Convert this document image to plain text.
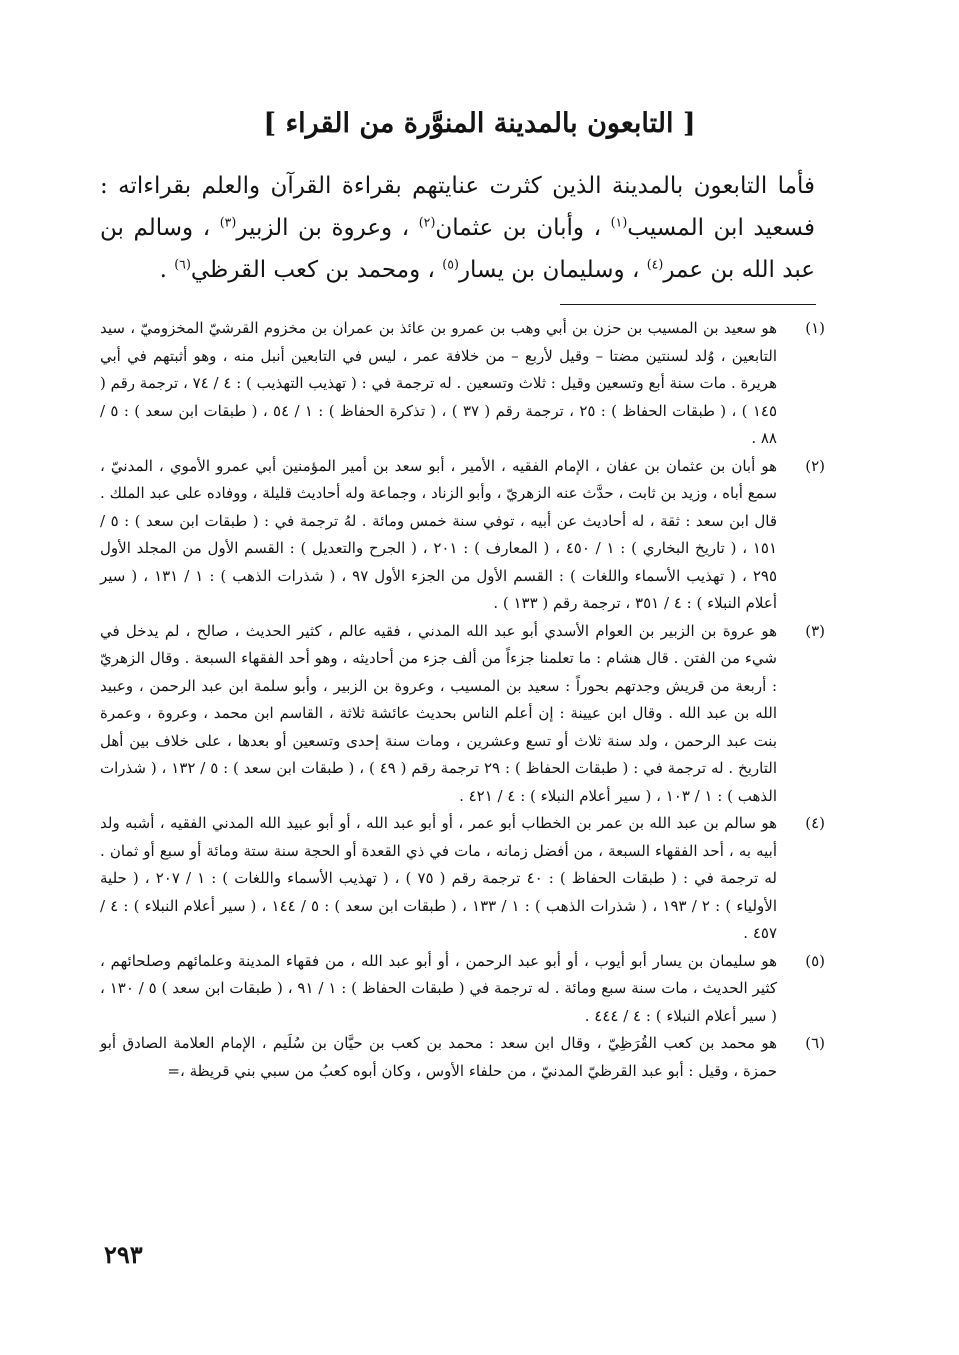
[ التابعون بالمدينة المنوَّرة من القراء ]

فأما التابعون بالمدينة الذين كثرت عنايتهم بقراءة القرآن والعلم بقراءاته : فسعيد ابن المسيب$^{(١)}$ ، وأبان بن عثمان$^{(٢)}$ ، وعروة بن الزبير$^{(٣)}$ ، وسالم بن عبد الله بن عمر$^{(٤)}$ ، وسليمان بن يسار$^{(٥)}$ ، ومحمد بن كعب القرظي$^{(٦)}$ .

(١)
هو سعيد بن المسيب بن حزن بن أبي وهب بن عمرو بن عائذ بن عمران بن مخزوم القرشيّ المخزوميّ ، سيد التابعين ، وُلد لسنتين مضتا – وقيل لأربع – من خلافة عمر ، ليس في التابعين أنبل منه ، وهو أثبتهم في أبي هريرة . مات سنة أبع وتسعين وقيل : ثلاث وتسعين . له ترجمة في : ( تهذيب التهذيب ) : ٤ / ٧٤ ، ترجمة رقم ( ١٤٥ ) ، ( طبقات الحفاظ ) : ٢٥ ، ترجمة رقم ( ٣٧ ) ، ( تذكرة الحفاظ ) : ١ / ٥٤ ، ( طبقات ابن سعد ) : ٥ / ٨٨ .
(٢)
هو أبان بن عثمان بن عفان ، الإمام الفقيه ، الأمير ، أبو سعد بن أمير المؤمنين أبي عمرو الأموي ، المدنيّ ، سمع أباه ، وزيد بن ثابت ، حدَّث عنه الزهريّ ، وأبو الزناد ، وجماعة وله أحاديث قليلة ، ووفاده على عبد الملك . قال ابن سعد : ثقة ، له أحاديث عن أبيه ، توفي سنة خمس ومائة . لهُ ترجمة في : ( طبقات ابن سعد ) : ٥ / ١٥١ ، ( تاريخ البخاري ) : ١ / ٤٥٠ ، ( المعارف ) : ٢٠١ ، ( الجرح والتعديل ) : القسم الأول من المجلد الأول ٢٩٥ ، ( تهذيب الأسماء واللغات ) : القسم الأول من الجزء الأول ٩٧ ، ( شذرات الذهب ) : ١ / ١٣١ ، ( سير أعلام النبلاء ) : ٤ / ٣٥١ ، ترجمة رقم ( ١٣٣ ) .
(٣)
هو عروة بن الزبير بن العوام الأسدي أبو عبد الله المدني ، فقيه عالم ، كثير الحديث ، صالح ، لم يدخل في شيء من الفتن . قال هشام : ما تعلمنا جزءاً من ألف جزء من أحاديثه ، وهو أحد الفقهاء السبعة . وقال الزهريّ : أربعة من قريش وجدتهم بحوراً : سعيد بن المسيب ، وعروة بن الزبير ، وأبو سلمة ابن عبد الرحمن ، وعبيد الله بن عبد الله . وقال ابن عيينة : إن أعلم الناس بحديث عائشة ثلاثة ، القاسم ابن محمد ، وعروة ، وعمرة بنت عبد الرحمن ، ولد سنة ثلاث أو تسع وعشرين ، ومات سنة إحدى وتسعين أو بعدها ، على خلاف بين أهل التاريخ . له ترجمة في : ( طبقات الحفاظ ) : ٢٩ ترجمة رقم ( ٤٩ ) ، ( طبقات ابن سعد ) : ٥ / ١٣٢ ، ( شذرات الذهب ) : ١ / ١٠٣ ، ( سير أعلام النبلاء ) : ٤ / ٤٢١ .
(٤)
هو سالم بن عبد الله بن عمر بن الخطاب أبو عمر ، أو أبو عبد الله ، أو أبو عبيد الله المدني الفقيه ، أشبه ولد أبيه به ، أحد الفقهاء السبعة ، من أفضل زمانه ، مات في ذي القعدة أو الحجة سنة ستة ومائة أو سبع أو ثمان . له ترجمة في : ( طبقات الحفاظ ) : ٤٠ ترجمة رقم ( ٧٥ ) ، ( تهذيب الأسماء واللغات ) : ١ / ٢٠٧ ، ( حلية الأولياء ) : ٢ / ١٩٣ ، ( شذرات الذهب ) : ١ / ١٣٣ ، ( طبقات ابن سعد ) : ٥ / ١٤٤ ، ( سير أعلام النبلاء ) : ٤ / ٤٥٧ .
(٥)
هو سليمان بن يسار أبو أيوب ، أو أبو عبد الرحمن ، أو أبو عبد الله ، من فقهاء المدينة وعلمائهم وصلحائهم ، كثير الحديث ، مات سنة سبع ومائة . له ترجمة في ( طبقات الحفاظ ) : ١ / ٩١ ، ( طبقات ابن سعد ) ٥ / ١٣٠ ، ( سير أعلام النبلاء ) : ٤ / ٤٤٤ .
(٦)
هو محمد بن كعب القُرَظِيّ ، وقال ابن سعد : محمد بن كعب بن حيَّان بن سُلَيم ، الإمام العلامة الصادق أبو حمزة ، وقيل : أبو عبد القرظيّ المدنيّ ، من حلفاء الأوس ، وكان أبوه كعبُ من سبي بني قريظة ،=
٢٩٣
